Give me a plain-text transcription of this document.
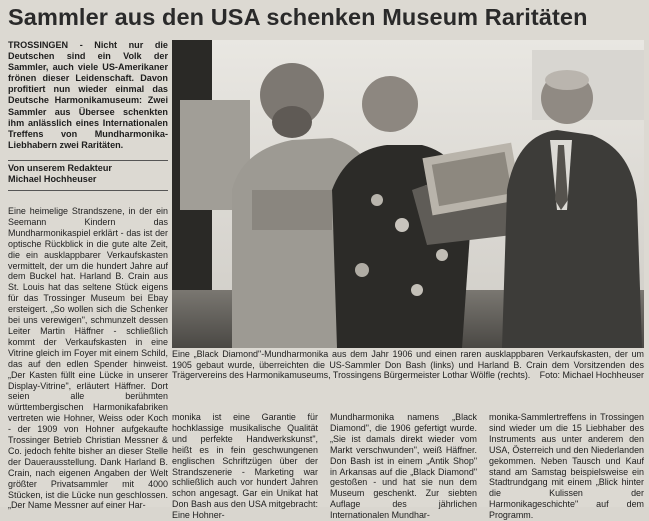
Sammler aus den USA schenken Museum Raritäten
TROSSINGEN - Nicht nur die Deutschen sind ein Volk der Sammler, auch viele US-Amerikaner frönen dieser Leidenschaft. Davon profitiert nun wieder einmal das Deutsche Harmonikamuseum: Zwei Sammler aus Übersee schenkten ihm anlässlich eines Internationalen Treffens von Mundharmonika-Liebhabern zwei Raritäten.
Von unserem Redakteur
Michael Hochheuser
Eine heimelige Strandszene, in der ein Seemann Kindern das Mundharmonikaspiel erklärt - das ist der optische Rückblick in die gute alte Zeit, die ein ausklappbarer Verkaufskasten vermittelt, der um die hundert Jahre auf dem Buckel hat. Harland B. Crain aus St. Louis hat das seltene Stück eigens für das Trossinger Museum bei Ebay ersteigert. „So wollen sich die Schenker bei uns verewigen", schmunzelt dessen Leiter Martin Häffner - schließlich kommt der Verkaufskasten in eine Vitrine gleich im Foyer mit einem Schild, das auf den edlen Spender hinweist. „Der Kasten füllt eine Lücke in unserer Display-Vitrine", erläutert Häffner. Dort seien alle berühmten württembergischen Harmonikafabriken vertreten wie Hohner, Weiss oder Koch - der 1909 von Hohner aufgekaufte Trossinger Betrieb Christian Messner & Co. jedoch fehlte bisher an dieser Stelle der Dauerausstellung. Dank Harland B. Crain, nach eigenen Angaben der Welt größter Privatsammler mit 4000 Stücken, ist die Lücke nun geschlossen. „Der Name Messner auf einer Har-
Eine „Black Diamond"-Mundharmonika aus dem Jahr 1906 und einen raren ausklappbaren Verkaufskasten, der um 1905 gebaut wurde, überreichten die US-Sammler Don Bash (links) und Harland B. Crain dem Vorsitzenden des Trägervereins des Harmonikamuseums, Trossingens Bürgermeister Lothar Wölfle (rechts). Foto: Michael Hochheuser
monika ist eine Garantie für hochklassige musikalische Qualität und perfekte Handwerkskunst", heißt es in fein geschwungenen englischen Schriftzügen über der Strandszenerie - Marketing war schließlich auch vor hundert Jahren schon angesagt. Gar ein Unikat hat Don Bash aus den USA mitgebracht: Eine Hohner-
Mundharmonika namens „Black Diamond", die 1906 gefertigt wurde. „Sie ist damals direkt wieder vom Markt verschwunden", weiß Häffner. Don Bash ist in einem „Antik Shop" in Arkansas auf die „Black Diamond" gestoßen - und hat sie nun dem Museum geschenkt. Zur siebten Auflage des jährlichen Internationalen Mundhar-
monika-Sammlertreffens in Trossingen sind wieder um die 15 Liebhaber des Instruments aus unter anderem den USA, Österreich und den Niederlanden gekommen. Neben Tausch und Kauf stand am Samstag beispielsweise ein Stadtrundgang mit einem „Blick hinter die Kulissen der Harmonikageschichte" auf dem Programm.
